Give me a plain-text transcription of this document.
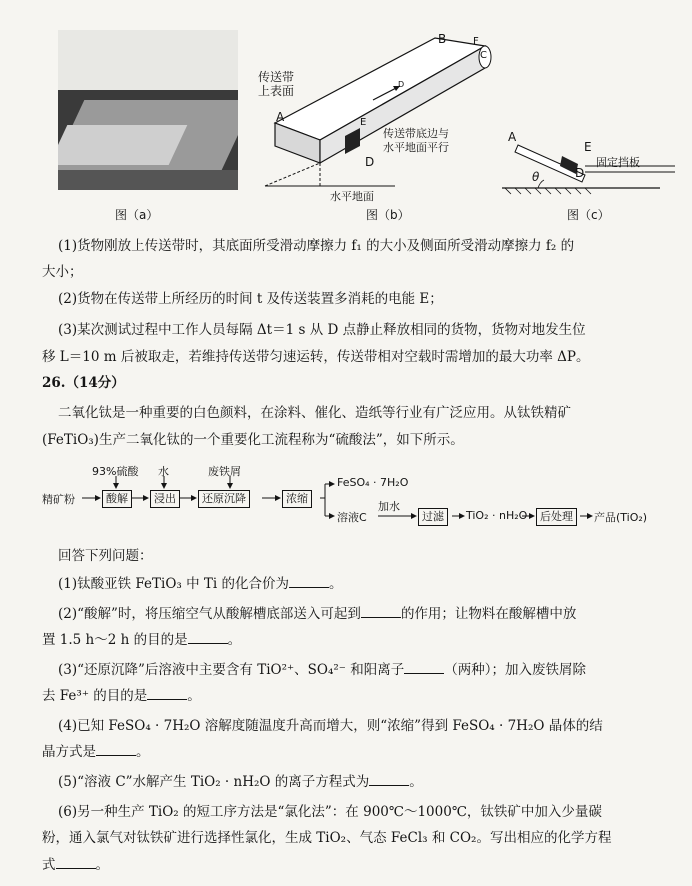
图（a）
传送带
上表面
传送带底边与
水平地面平行
水平地面
A
B
C
D
E
F
D
图（b）
A
D
E
θ
固定挡板
图（c）
(1)货物刚放上传送带时，其底面所受滑动摩擦力 f₁ 的大小及侧面所受滑动摩擦力 f₂ 的
大小；
(2)货物在传送带上所经历的时间 t 及传送装置多消耗的电能 E；
(3)某次测试过程中工作人员每隔 Δt＝1 s 从 D 点静止释放相同的货物，货物对地发生位
移 L＝10 m 后被取走，若维持传送带匀速运转，传送带相对空载时需增加的最大功率 ΔP。
26.（14分）
二氧化钛是一种重要的白色颜料，在涂料、催化、造纸等行业有广泛应用。从钛铁精矿
(FeTiO₃)生产二氧化钛的一个重要化工流程称为“硫酸法”，如下所示。
精矿粉
93%硫酸 水	废铁屑
酸解	浸出	还原沉降	浓缩
FeSO₄ · 7H₂O
溶液C
加水
过滤	TiO₂ · nH₂O	后处理	产品(TiO₂)
回答下列问题：
(1)钛酸亚铁 FeTiO₃ 中 Ti 的化合价为	。
(2)“酸解”时，将压缩空气从酸解槽底部送入可起到	的作用；让物料在酸解槽中放
置 1.5 h～2 h 的目的是	。
(3)“还原沉降”后溶液中主要含有 TiO²⁺、SO₄²⁻ 和阳离子	（两种）；加入废铁屑除
去 Fe³⁺ 的目的是	。
(4)已知 FeSO₄ · 7H₂O 溶解度随温度升高而增大，则“浓缩”得到 FeSO₄ · 7H₂O 晶体的结
晶方式是	。
(5)“溶液 C”水解产生 TiO₂ · nH₂O 的离子方程式为	。
(6)另一种生产 TiO₂ 的短工序方法是“氯化法”：在 900℃～1000℃，钛铁矿中加入少量碳
粉，通入氯气对钛铁矿进行选择性氯化，生成 TiO₂、气态 FeCl₃ 和 CO₂。写出相应的化学方程
式	。
